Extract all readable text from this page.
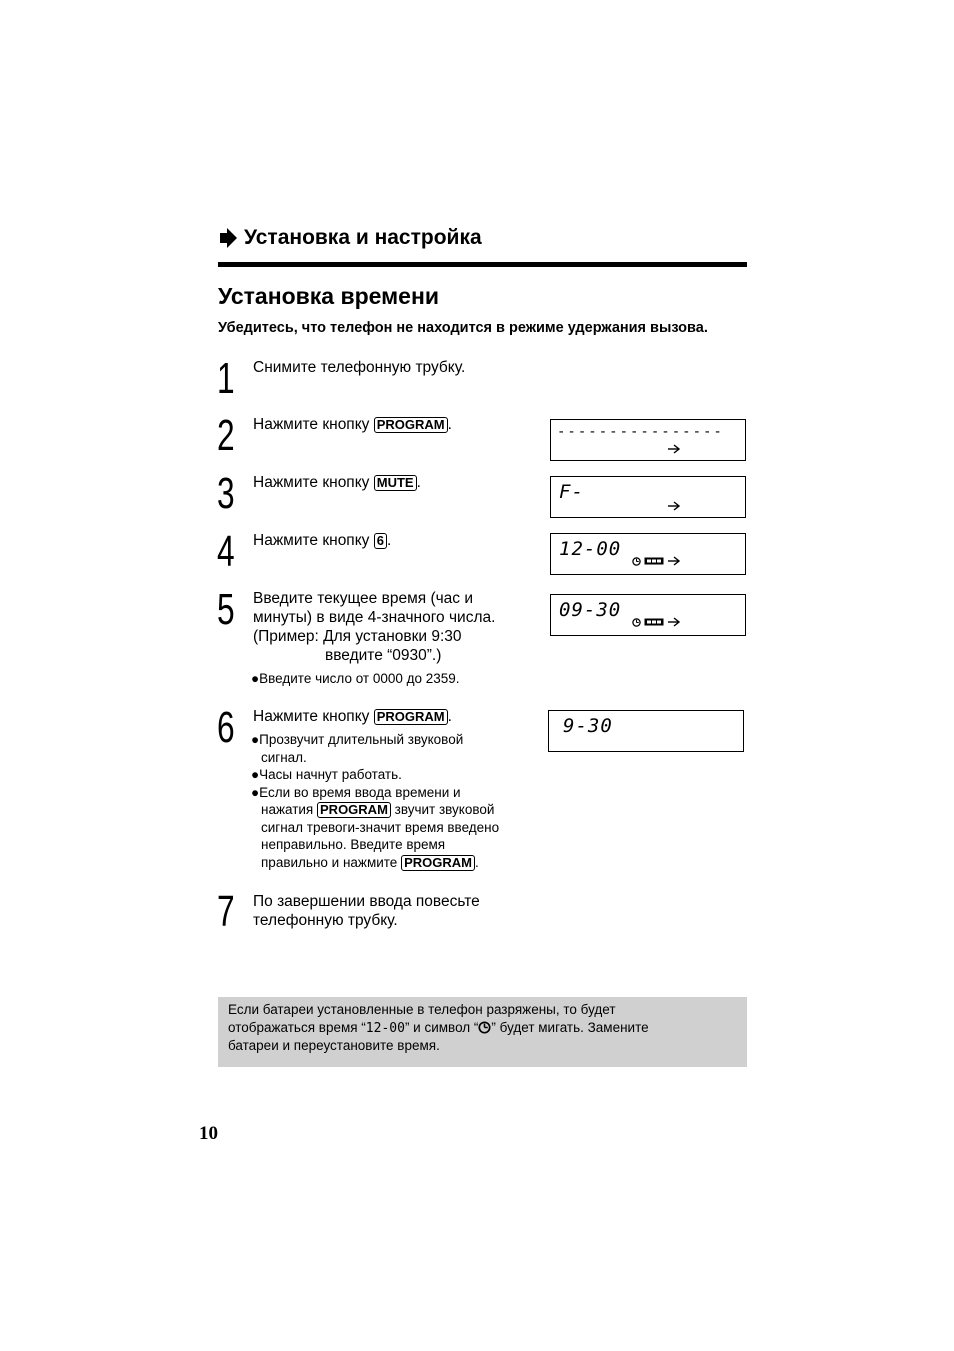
Установка и настройка
Установка времени
Убедитесь, что телефон не находится в режиме удержания вызова.
1 Снимите телефонную трубку.
2 Нажмите кнопку PROGRAM .
3 Нажмите кнопку MUTE .
4 Нажмите кнопку 6 .
5 Введите текущее время (час и
минуты) в виде 4-значного числа.
(Пример: Для установки 9:30
введите “0930”.)
●Введите число от 0000 до 2359.
6 Нажмите кнопку PROGRAM .
●Прозвучит длительный звуковой
сигнал.
●Часы начнут работать.
●Если во время ввода времени и
нажатия PROGRAM звучит звуковой
сигнал тревоги-значит время введено
неправильно. Введите время
правильно и нажмите PROGRAM .
7 По завершении ввода повесьте
телефонную трубку.
----------------
F-
12-00
09-30
9-30
Если батареи установленные в телефон разряжены, то будет
отображаться время “12-00” и символ “ ” будет мигать. Замените
батареи и переустановите время.
10
